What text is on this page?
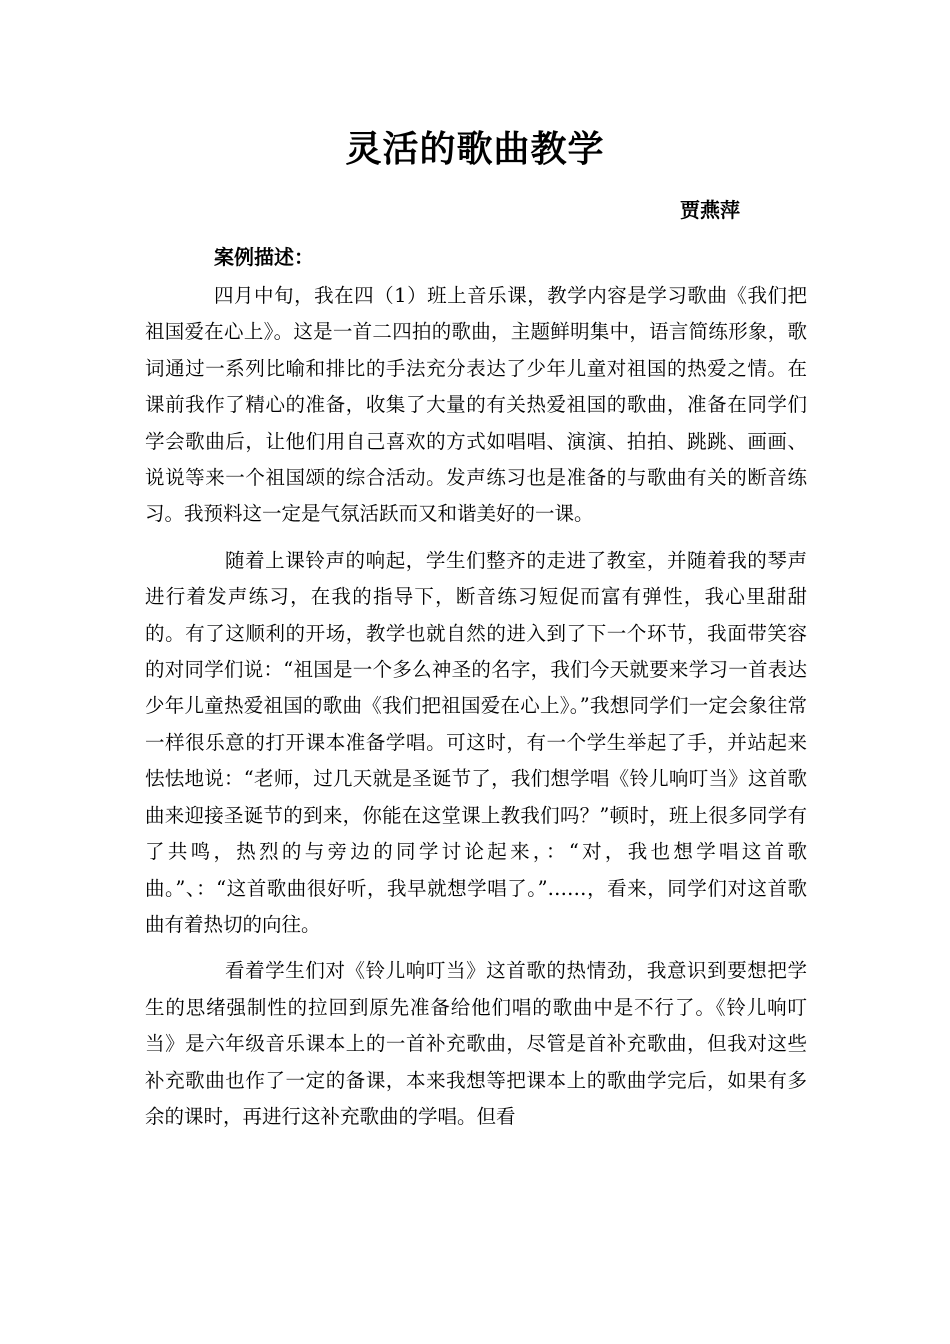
灵活的歌曲教学
贾燕萍
案例描述：

四月中旬，我在四（1）班上音乐课，教学内容是学习歌曲《我们把祖国爱在心上》。这是一首二四拍的歌曲，主题鲜明集中，语言简练形象，歌词通过一系列比喻和排比的手法充分表达了少年儿童对祖国的热爱之情。在课前我作了精心的准备，收集了大量的有关热爱祖国的歌曲，准备在同学们学会歌曲后，让他们用自己喜欢的方式如唱唱、演演、拍拍、跳跳、画画、说说等来一个祖国颂的综合活动。发声练习也是准备的与歌曲有关的断音练习。我预料这一定是气氛活跃而又和谐美好的一课。

随着上课铃声的响起，学生们整齐的走进了教室，并随着我的琴声进行着发声练习，在我的指导下，断音练习短促而富有弹性，我心里甜甜的。有了这顺利的开场，教学也就自然的进入到了下一个环节，我面带笑容的对同学们说：“祖国是一个多么神圣的名字，我们今天就要来学习一首表达少年儿童热爱祖国的歌曲《我们把祖国爱在心上》。”我想同学们一定会象往常一样很乐意的打开课本准备学唱。可这时，有一个学生举起了手，并站起来怯怯地说：“老师，过几天就是圣诞节了，我们想学唱《铃儿响叮当》这首歌曲来迎接圣诞节的到来，你能在这堂课上教我们吗？”顿时，班上很多同学有了共鸣，热烈的与旁边的同学讨论起来，：“对，我也想学唱这首歌曲。”、：“这首歌曲很好听，我早就想学唱了。”……，看来，同学们对这首歌曲有着热切的向往。

看着学生们对《铃儿响叮当》这首歌的热情劲，我意识到要想把学生的思绪强制性的拉回到原先准备给他们唱的歌曲中是不行了。《铃儿响叮当》是六年级音乐课本上的一首补充歌曲，尽管是首补充歌曲，但我对这些补充歌曲也作了一定的备课，本来我想等把课本上的歌曲学完后，如果有多余的课时，再进行这补充歌曲的学唱。但看
